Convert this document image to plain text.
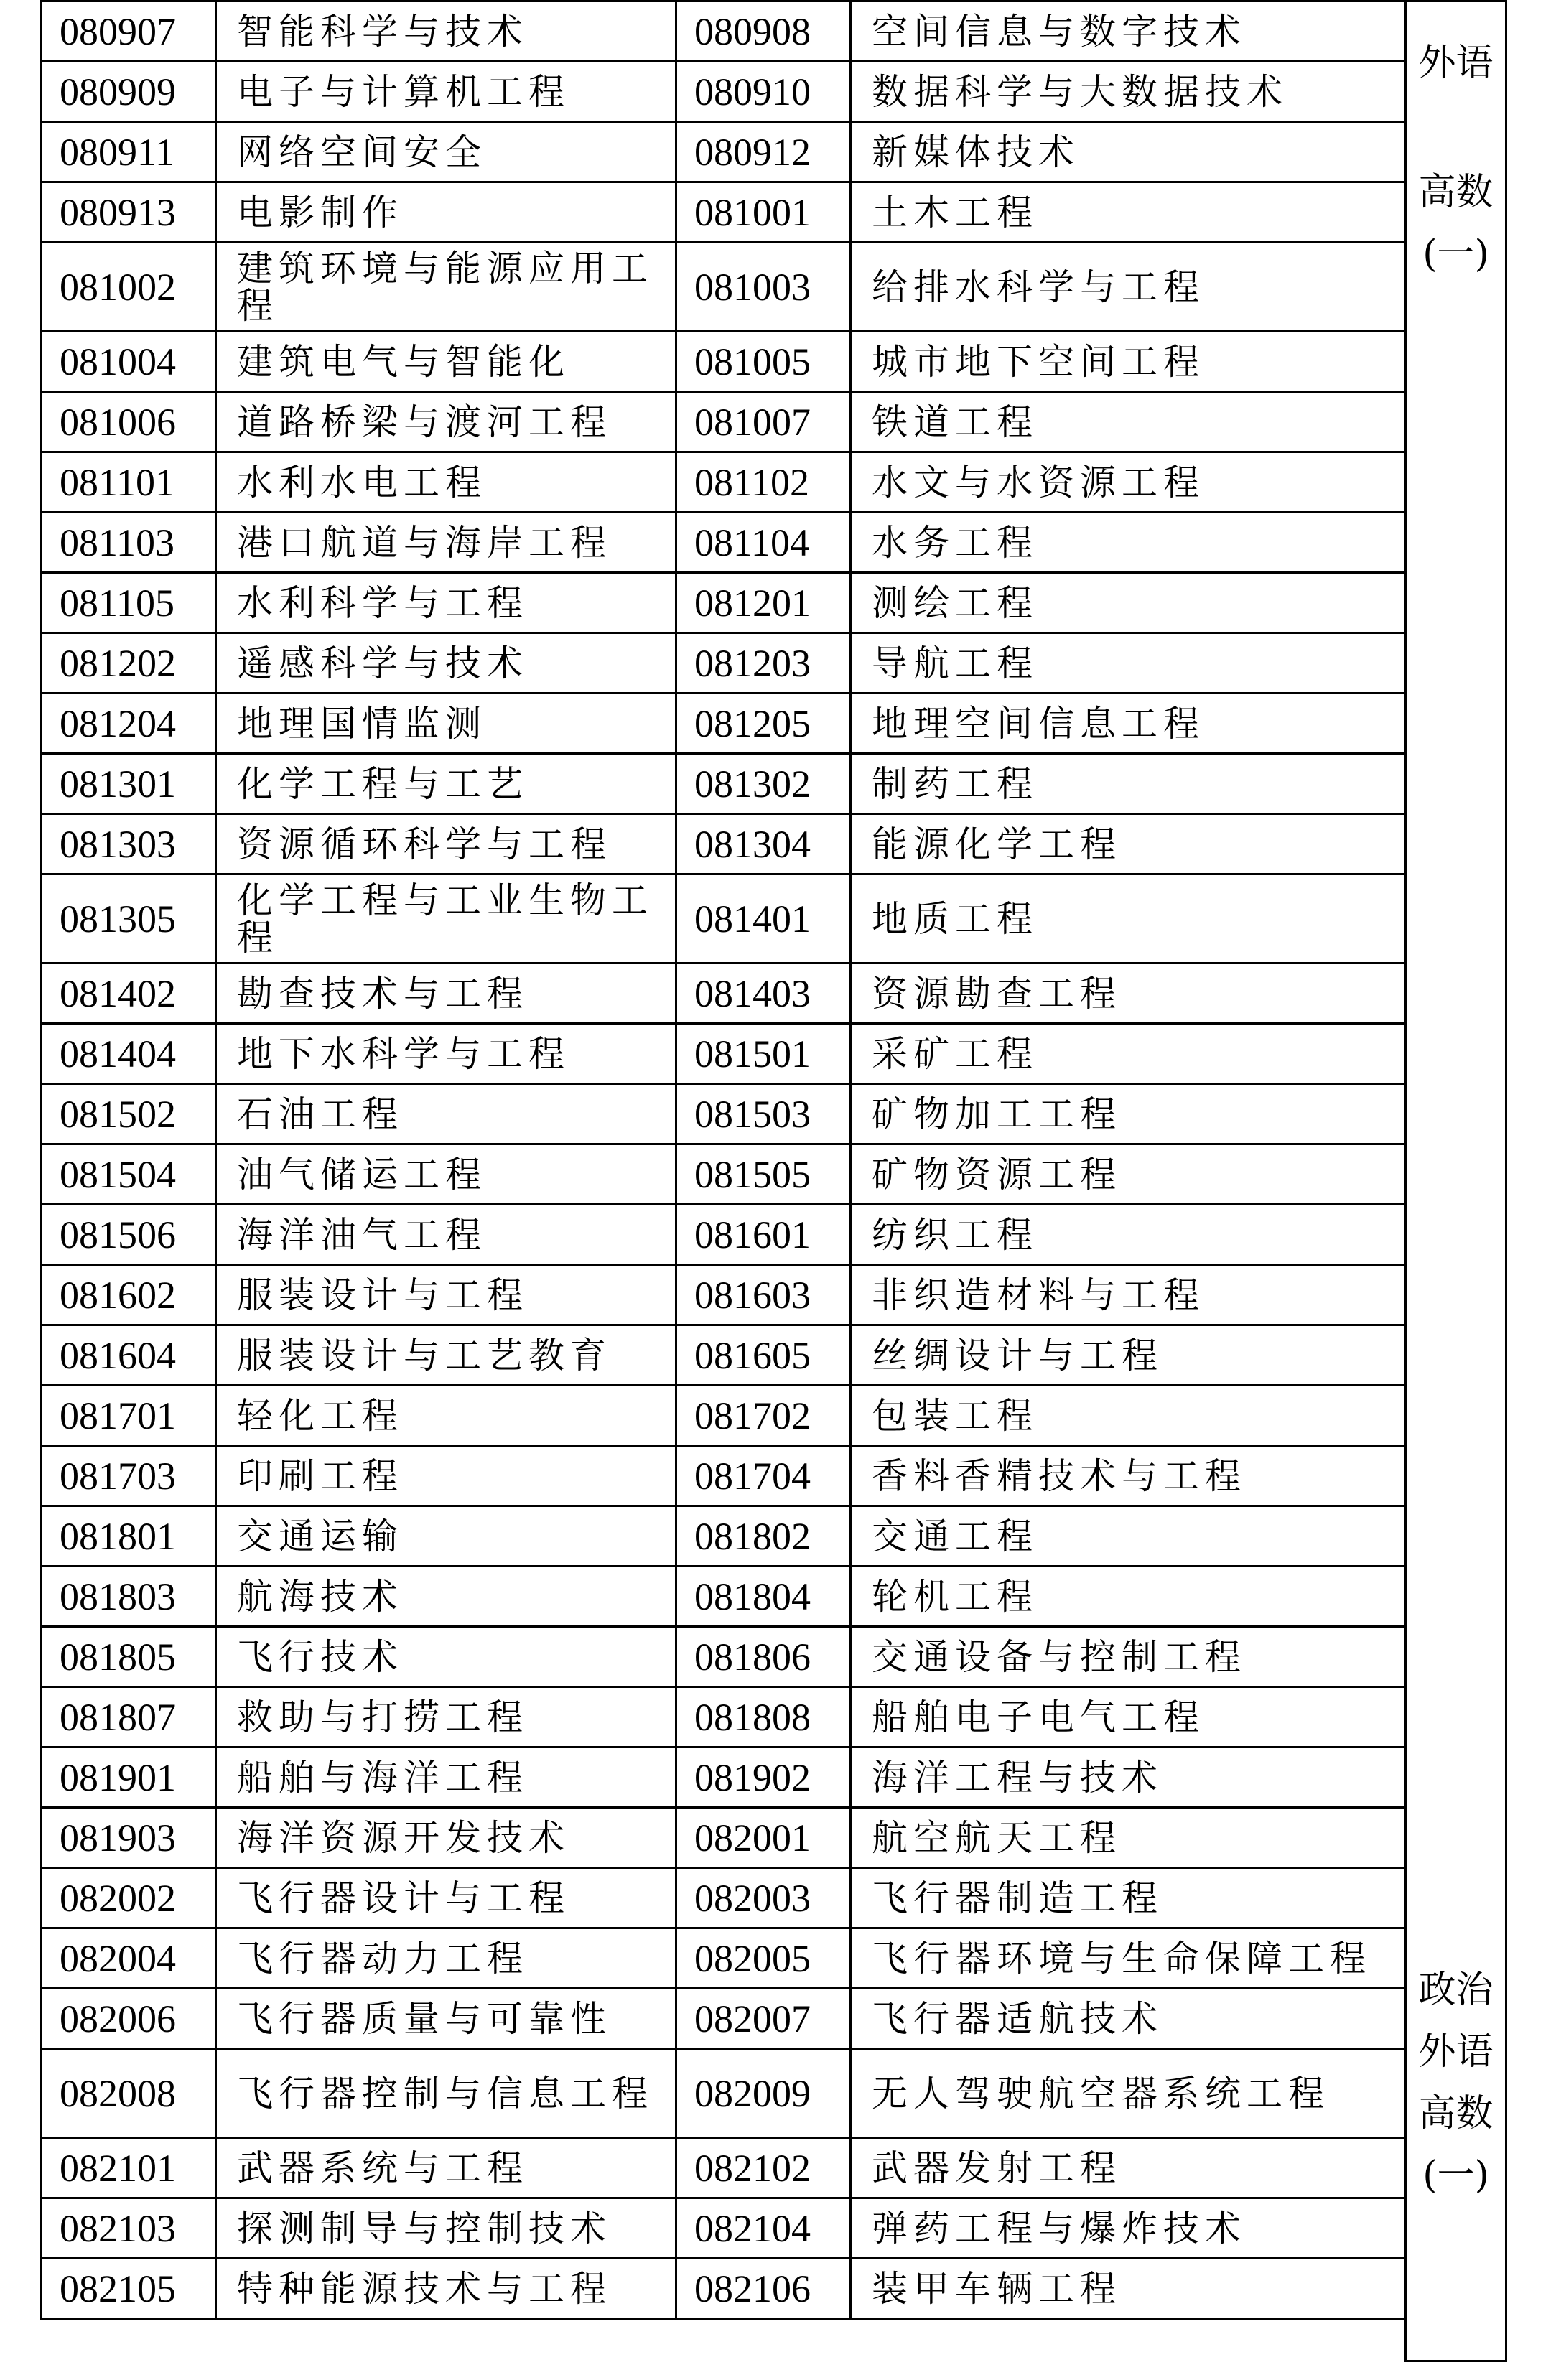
080907	智能科学与技术	080908	空间信息与数字技术
080909	电子与计算机工程	080910	数据科学与大数据技术
080911	网络空间安全	080912	新媒体技术
080913	电影制作	081001	土木工程
081002	建筑环境与能源应用工程	081003	给排水科学与工程
081004	建筑电气与智能化	081005	城市地下空间工程
081006	道路桥梁与渡河工程	081007	铁道工程
081101	水利水电工程	081102	水文与水资源工程
081103	港口航道与海岸工程	081104	水务工程
081105	水利科学与工程	081201	测绘工程
081202	遥感科学与技术	081203	导航工程
081204	地理国情监测	081205	地理空间信息工程
081301	化学工程与工艺	081302	制药工程
081303	资源循环科学与工程	081304	能源化学工程
081305	化学工程与工业生物工程	081401	地质工程
081402	勘查技术与工程	081403	资源勘查工程
081404	地下水科学与工程	081501	采矿工程
081502	石油工程	081503	矿物加工工程
081504	油气储运工程	081505	矿物资源工程
081506	海洋油气工程	081601	纺织工程
081602	服装设计与工程	081603	非织造材料与工程
081604	服装设计与工艺教育	081605	丝绸设计与工程
081701	轻化工程	081702	包装工程
081703	印刷工程	081704	香料香精技术与工程
081801	交通运输	081802	交通工程
081803	航海技术	081804	轮机工程
081805	飞行技术	081806	交通设备与控制工程
081807	救助与打捞工程	081808	船舶电子电气工程
081901	船舶与海洋工程	081902	海洋工程与技术
081903	海洋资源开发技术	082001	航空航天工程
082002	飞行器设计与工程	082003	飞行器制造工程
082004	飞行器动力工程	082005	飞行器环境与生命保障工程
082006	飞行器质量与可靠性	082007	飞行器适航技术
082008	飞行器控制与信息工程	082009	无人驾驶航空器系统工程
082101	武器系统与工程	082102	武器发射工程
082103	探测制导与控制技术	082104	弹药工程与爆炸技术
082105	特种能源技术与工程	082106	装甲车辆工程
外语
高数
(一)
政治
外语
高数
(一)
